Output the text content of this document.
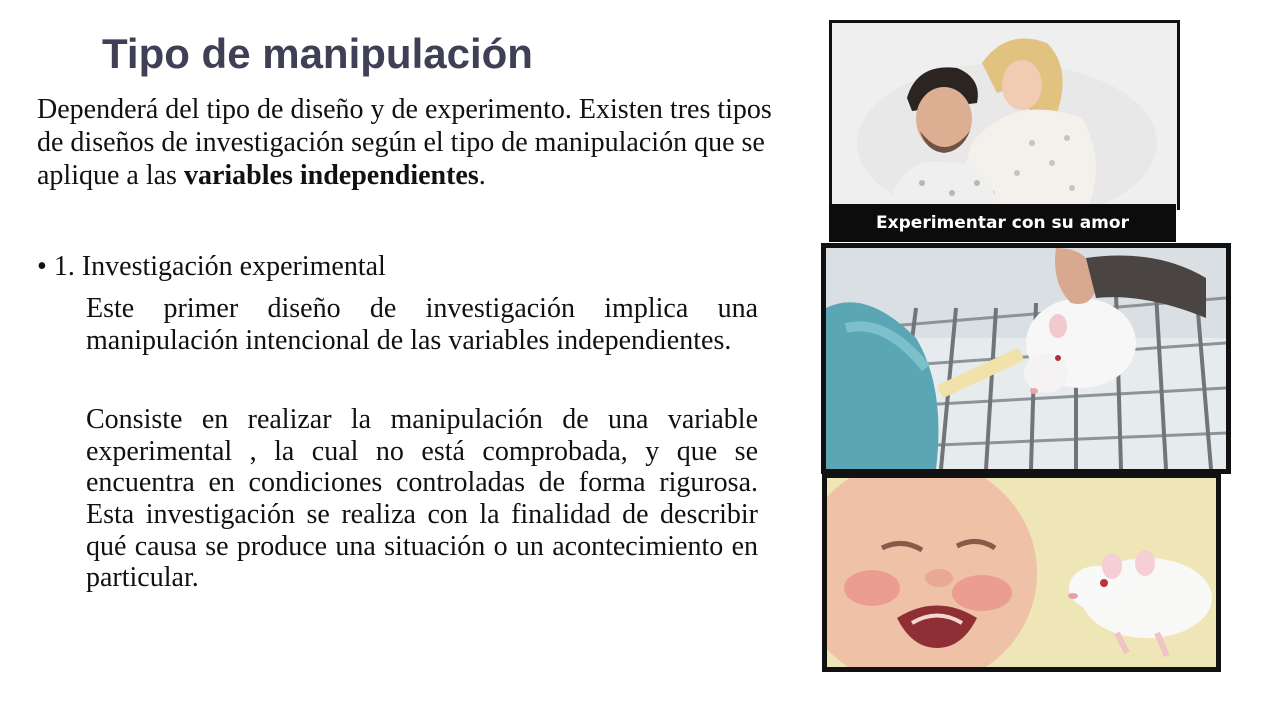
Tipo de manipulación

Dependerá del tipo de diseño y de experimento. Existen tres tipos de diseños de investigación según el tipo de manipulación que se aplique a las variables independientes.

• 1. Investigación experimental

Este primer diseño de investigación implica una manipulación intencional de las variables independientes.

Consiste en realizar la manipulación de una variable experimental , la cual no está comprobada, y que se encuentra en condiciones controladas de forma rigurosa. Esta investigación se realiza con la finalidad de describir qué causa se produce una situación o un acontecimiento en particular.

Experimentar con su amor
